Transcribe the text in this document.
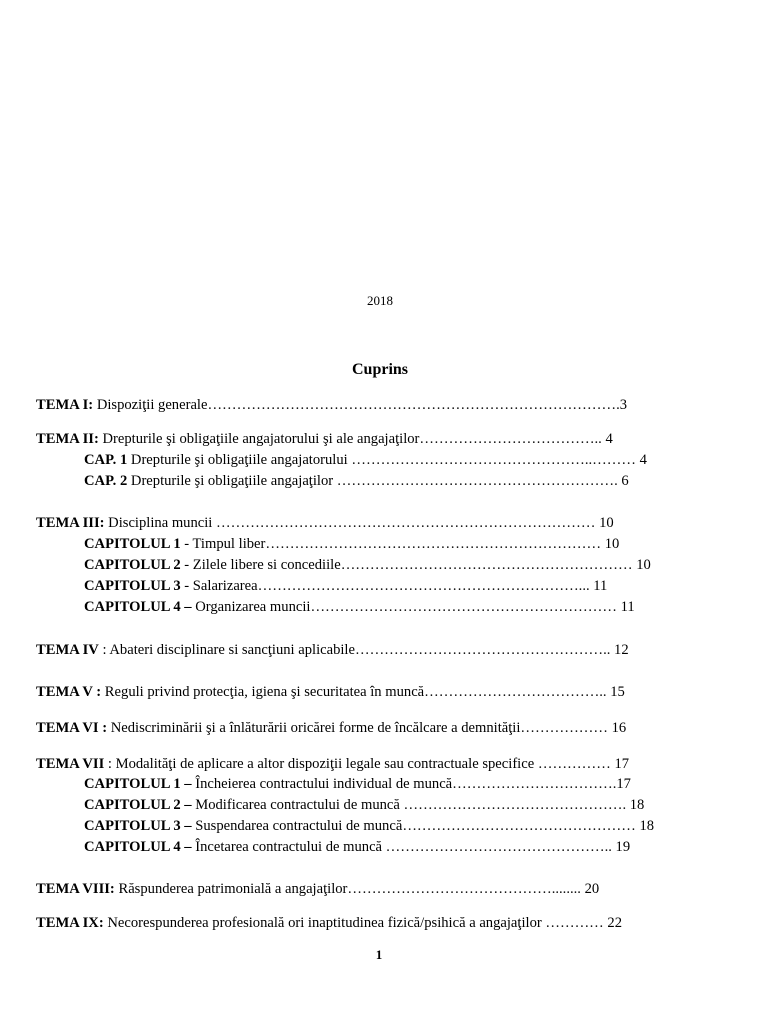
2018
Cuprins
TEMA I: Dispoziţii generale………………………………………………………………………….3
TEMA II: Drepturile şi obligaţiile angajatorului şi ale angajaţilor……………………………….. 4
CAP. 1 Drepturile şi obligaţiile angajatorului …………………………………………..……… 4
CAP. 2 Drepturile şi obligaţiile angajaţilor …………………………………………………. 6
TEMA III: Disciplina muncii …………………………………………………………………… 10
CAPITOLUL 1 - Timpul liber…………………………………………………………… 10
CAPITOLUL 2 - Zilele libere si concediile…………………………………………………… 10
CAPITOLUL 3 - Salarizarea…………………………………………………………... 11
CAPITOLUL 4 – Organizarea muncii……………………………………………………… 11
TEMA IV : Abateri disciplinare si sancţiuni aplicabile…………………………………………….. 12
TEMA V : Reguli privind protecţia, igiena şi securitatea în muncă……………………………….. 15
TEMA VI : Nediscriminării şi a înlăturării oricărei forme de încălcare a demnităţii……………… 16
TEMA VII : Modalităţi de aplicare a altor dispoziţii legale sau contractuale specifice …………… 17
CAPITOLUL 1 – Încheierea contractului individual de muncă…………………………….17
CAPITOLUL 2 – Modificarea contractului de muncă ………………………………………. 18
CAPITOLUL 3 – Suspendarea contractului de muncă………………………………………… 18
CAPITOLUL 4 – Încetarea contractului de muncă ……………………………………….. 19
TEMA VIII: Răspunderea patrimonială a angajaţilor……………………………………........ 20
TEMA IX: Necorespunderea profesională ori inaptitudinea fizică/psihică a angajaţilor ………… 22
1
